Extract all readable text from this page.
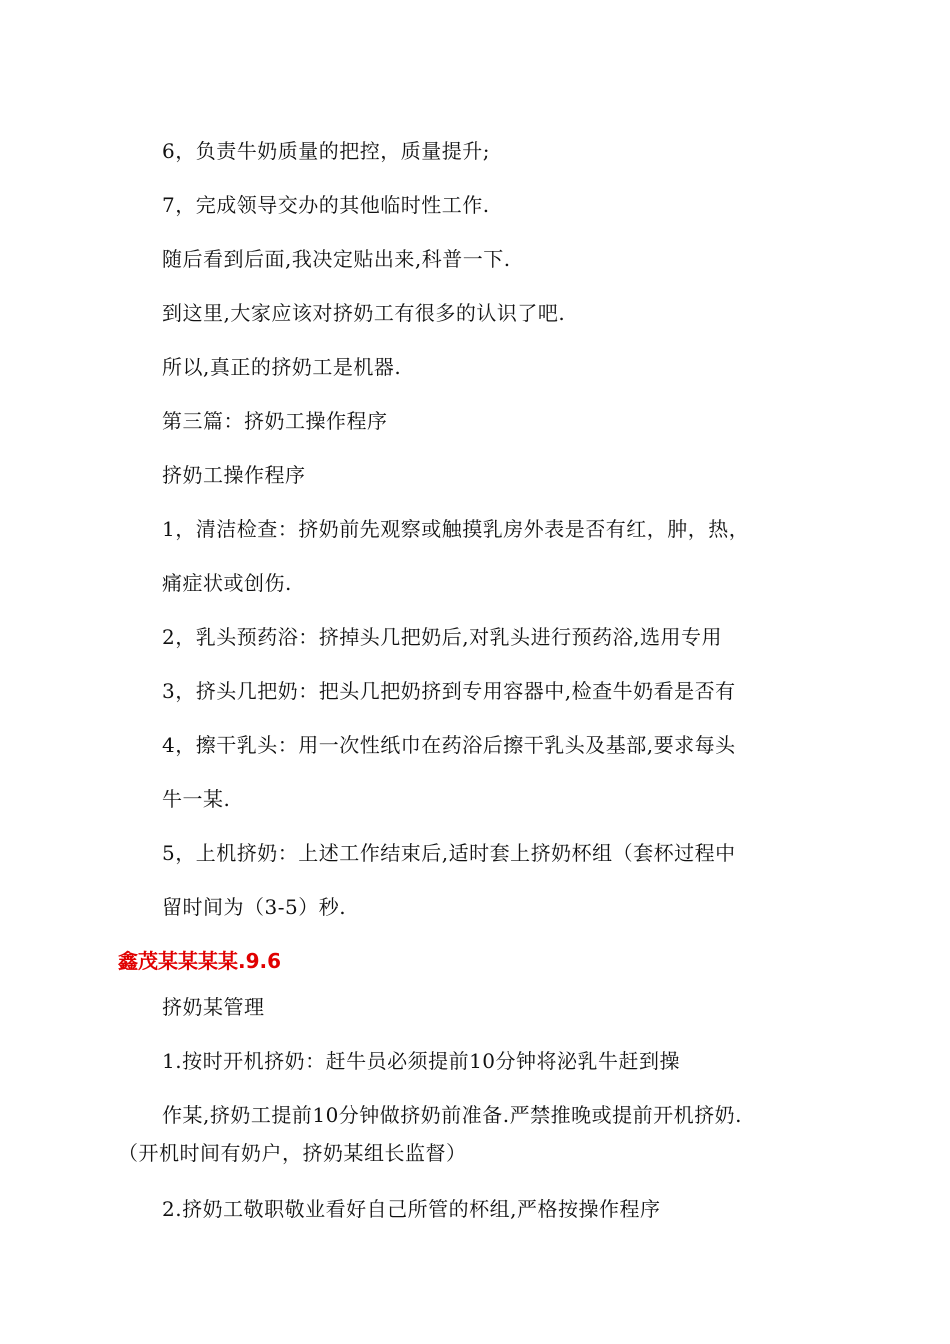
6，负责牛奶质量的把控，质量提升;

7，完成领导交办的其他临时性工作.

随后看到后面,我决定贴出来,科普一下.

到这里,大家应该对挤奶工有很多的认识了吧.

所以,真正的挤奶工是机器.

第三篇：挤奶工操作程序

挤奶工操作程序

1，清洁检查：挤奶前先观察或触摸乳房外表是否有红，肿，热，

痛症状或创伤.

2，乳头预药浴：挤掉头几把奶后,对乳头进行预药浴,选用专用

3，挤头几把奶：把头几把奶挤到专用容器中,检查牛奶看是否有

4，擦干乳头：用一次性纸巾在药浴后擦干乳头及基部,要求每头

牛一某.

5，上机挤奶：上述工作结束后,适时套上挤奶杯组（套杯过程中

留时间为（3-5）秒.

鑫茂某某某某.9.6

挤奶某管理

1.按时开机挤奶：赶牛员必须提前10分钟将泌乳牛赶到操

作某,挤奶工提前10分钟做挤奶前准备.严禁推晚或提前开机挤奶.

（开机时间有奶户，挤奶某组长监督）

2.挤奶工敬职敬业看好自己所管的杯组,严格按操作程序
